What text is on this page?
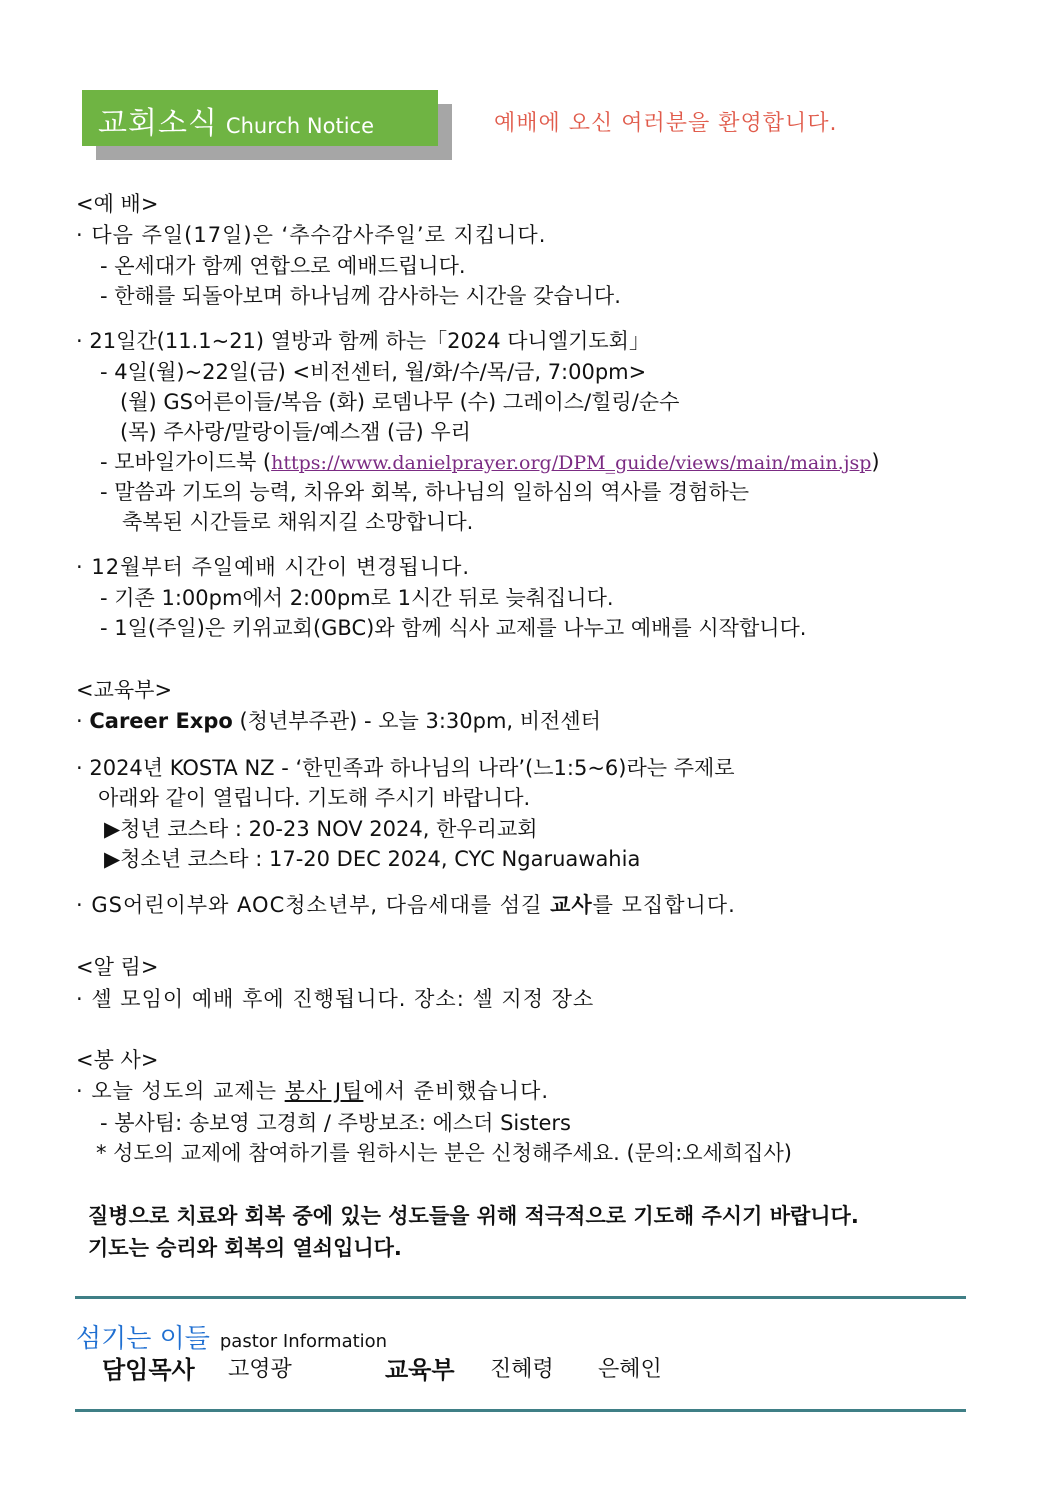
교회소식 Church Notice	예배에 오신 여러분을 환영합니다.
<예 배>
· 다음 주일(17일)은 ‘추수감사주일’로 지킵니다.
- 온세대가 함께 연합으로 예배드립니다.
- 한해를 되돌아보며 하나님께 감사하는 시간을 갖습니다.
· 21일간(11.1~21) 열방과 함께 하는「2024 다니엘기도회」
- 4일(월)~22일(금) <비전센터, 월/화/수/목/금, 7:00pm>
(월) GS어른이들/복음 (화) 로뎀나무 (수) 그레이스/힐링/순수
(목) 주사랑/말랑이들/예스잼 (금) 우리
- 모바일가이드북 (https://www.danielprayer.org/DPM_guide/views/main/main.jsp)
- 말씀과 기도의 능력, 치유와 회복, 하나님의 일하심의 역사를 경험하는
축복된 시간들로 채워지길 소망합니다.
· 12월부터 주일예배 시간이 변경됩니다.
- 기존 1:00pm에서 2:00pm로 1시간 뒤로 늦춰집니다.
- 1일(주일)은 키위교회(GBC)와 함께 식사 교제를 나누고 예배를 시작합니다.
<교육부>
· Career Expo (청년부주관) - 오늘 3:30pm, 비전센터
· 2024년 KOSTA NZ - ‘한민족과 하나님의 나라’(느1:5~6)라는 주제로
아래와 같이 열립니다. 기도해 주시기 바랍니다.
▶청년 코스타 : 20-23 NOV 2024, 한우리교회
▶청소년 코스타 : 17-20 DEC 2024, CYC Ngaruawahia
· GS어린이부와 AOC청소년부, 다음세대를 섬길 교사를 모집합니다.
<알 림>
· 셀 모임이 예배 후에 진행됩니다. 장소: 셀 지정 장소
<봉 사>
· 오늘 성도의 교제는 봉사 J팀에서 준비했습니다.
- 봉사팀: 송보영 고경희 / 주방보조: 에스더 Sisters
* 성도의 교제에 참여하기를 원하시는 분은 신청해주세요. (문의:오세희집사)
질병으로 치료와 회복 중에 있는 성도들을 위해 적극적으로 기도해 주시기 바랍니다.
기도는 승리와 회복의 열쇠입니다.
섬기는 이들 pastor Information
담임목사 고영광	교육부 진혜령 은혜인
